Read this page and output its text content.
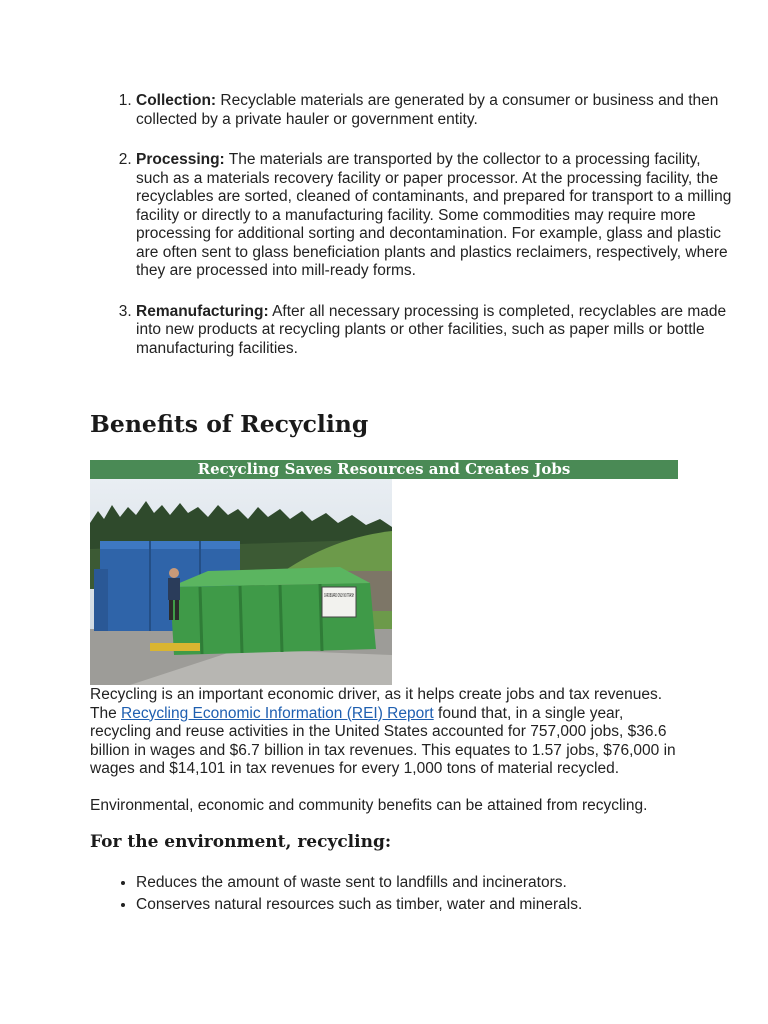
1. Collection: Recyclable materials are generated by a consumer or business and then collected by a private hauler or government entity.
2. Processing: The materials are transported by the collector to a processing facility, such as a materials recovery facility or paper processor. At the processing facility, the recyclables are sorted, cleaned of contaminants, and prepared for transport to a milling facility or directly to a manufacturing facility. Some commodities may require more processing for additional sorting and decontamination. For example, glass and plastic are often sent to glass beneficiation plants and plastics reclaimers, respectively, where they are processed into mill-ready forms.
3. Remanufacturing: After all necessary processing is completed, recyclables are made into new products at recycling plants or other facilities, such as paper mills or bottle manufacturing facilities.
Benefits of Recycling
Recycling Saves Resources and Creates Jobs
CARDBOARD ONLY NO TRASH

Recycling is an important economic driver, as it helps create jobs and tax revenues. The Recycling Economic Information (REI) Report found that, in a single year, recycling and reuse activities in the United States accounted for 757,000 jobs, $36.6 billion in wages and $6.7 billion in tax revenues. This equates to 1.57 jobs, $76,000 in wages and $14,101 in tax revenues for every 1,000 tons of material recycled.

Environmental, economic and community benefits can be attained from recycling.

For the environment, recycling:
• Reduces the amount of waste sent to landfills and incinerators.
• Conserves natural resources such as timber, water and minerals.
